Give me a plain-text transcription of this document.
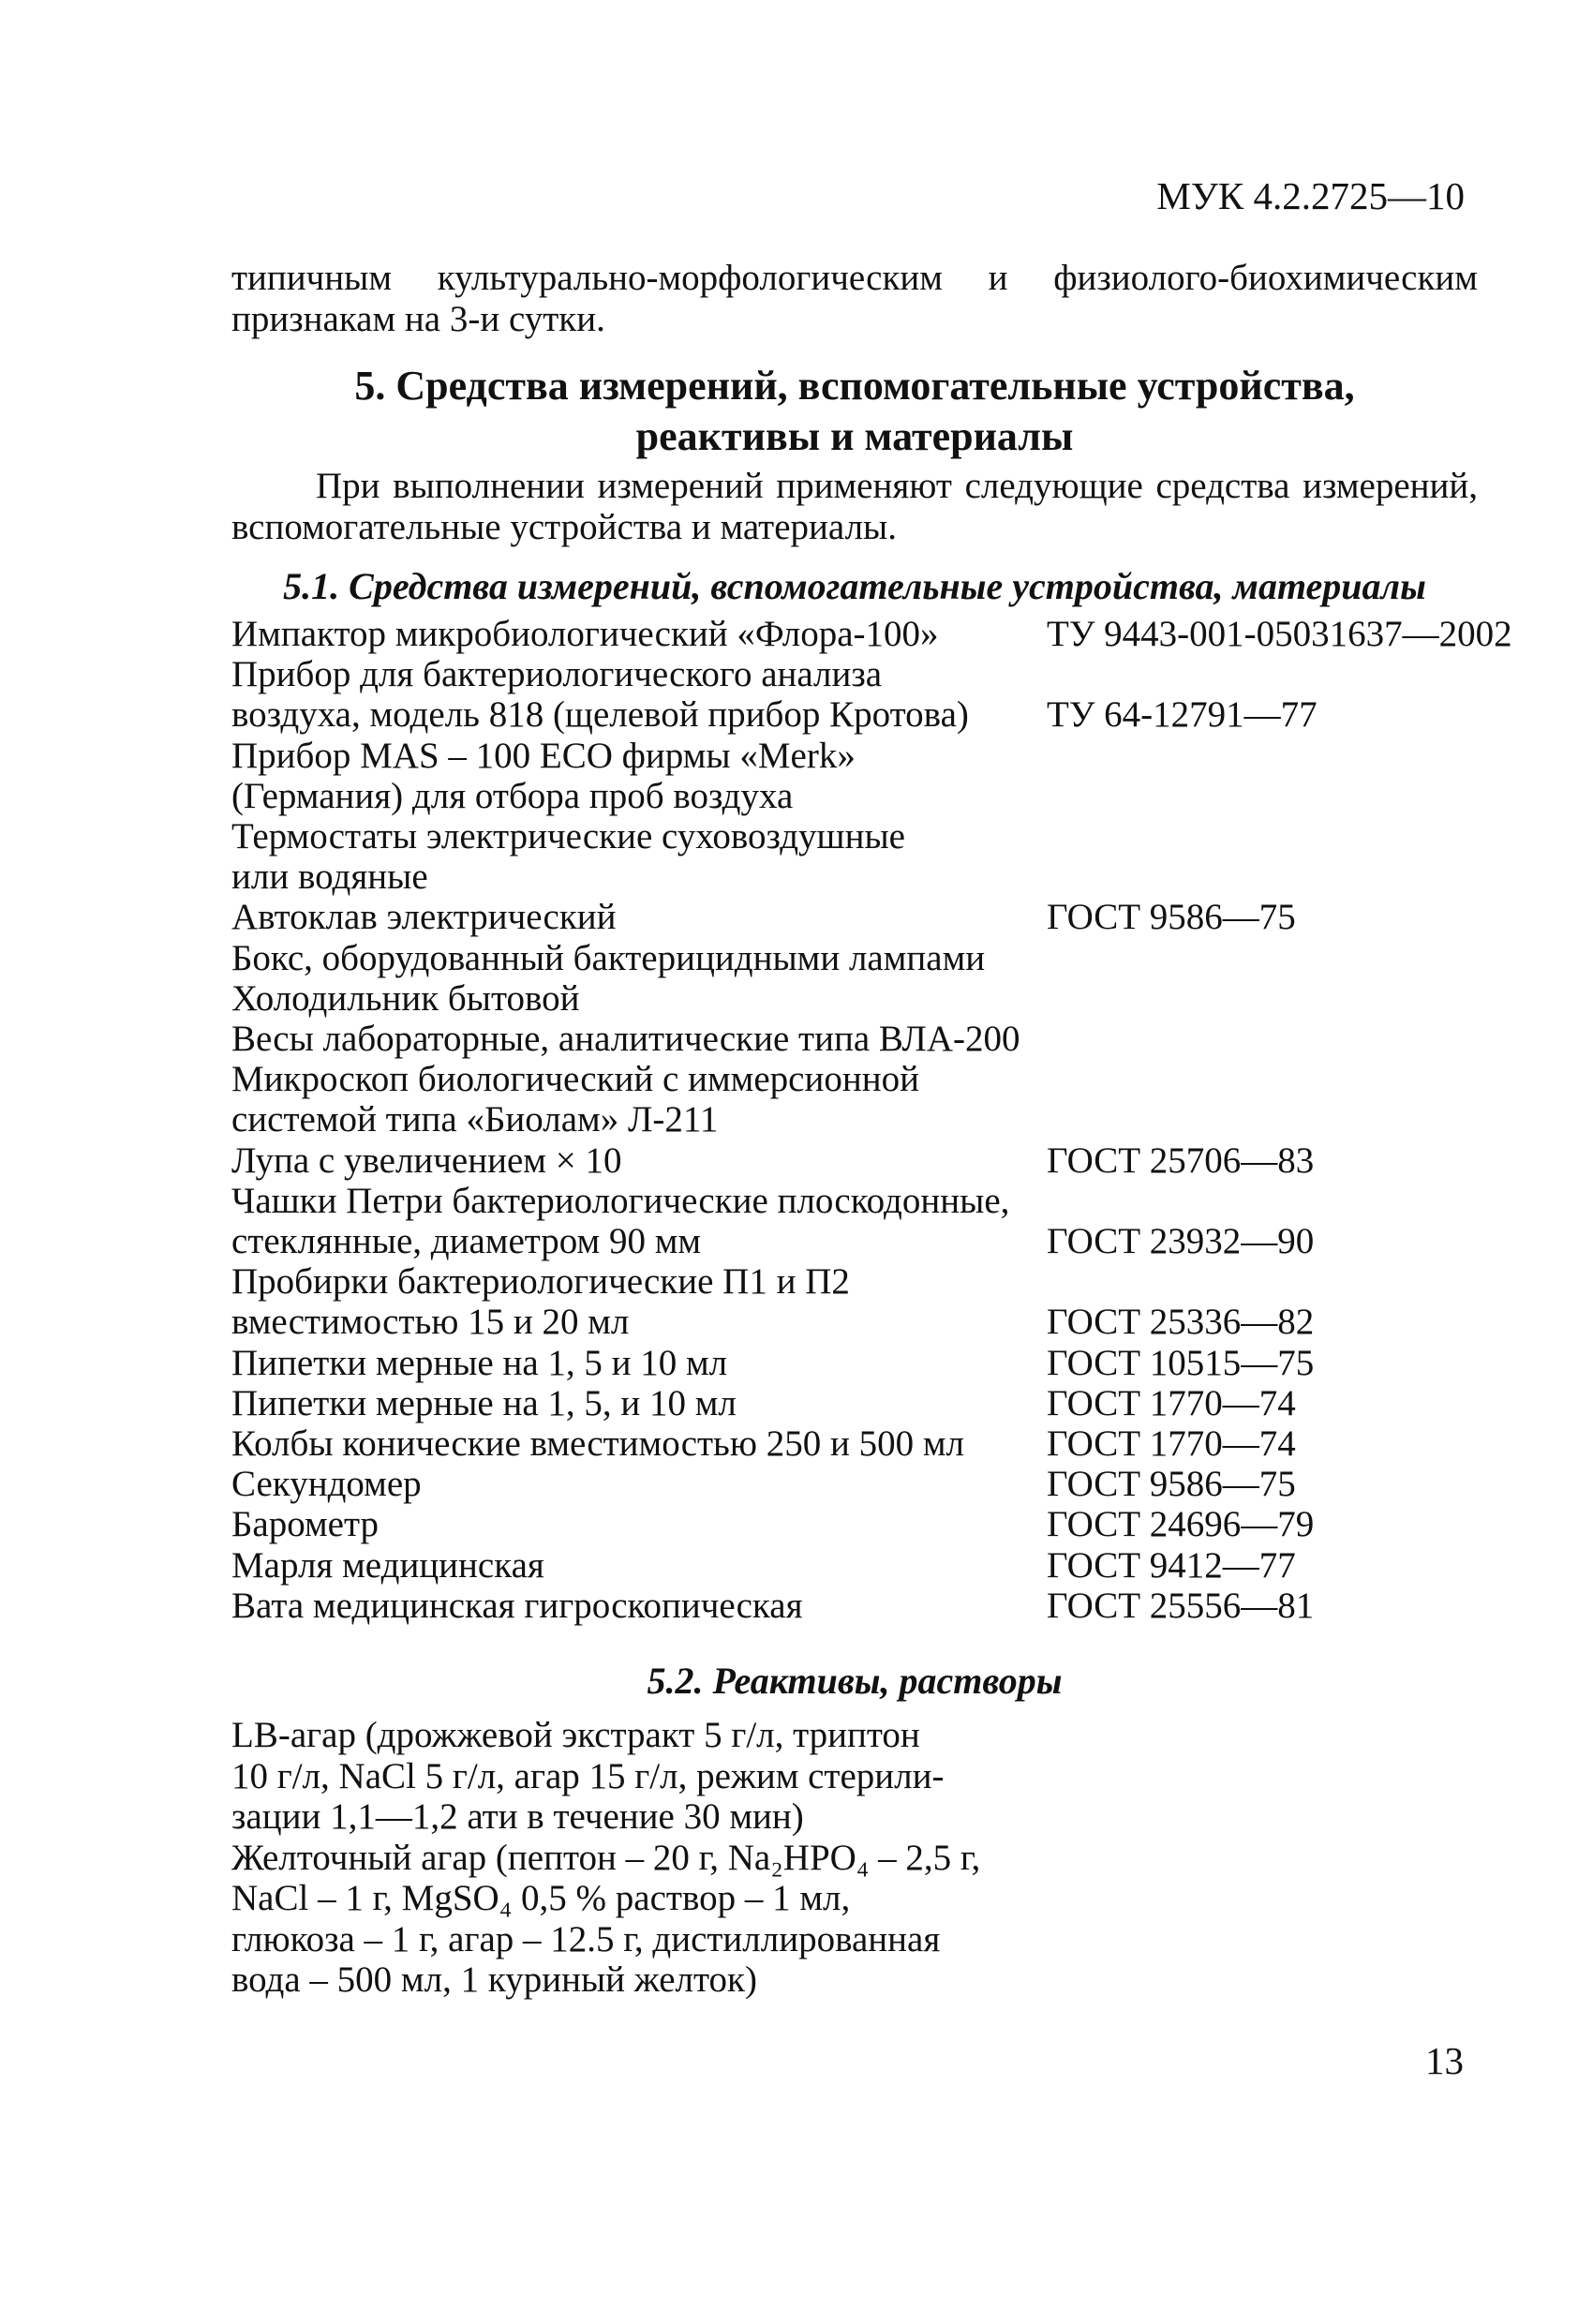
МУК 4.2.2725—10

типичным культурально-морфологическим и физиолого-биохимическим признакам на 3-и сутки.

5. Средства измерений, вспомогательные устройства,
реактивы и материалы

При выполнении измерений применяют следующие средства измерений, вспомогательные устройства и материалы.

5.1. Средства измерений, вспомогательные устройства, материалы
Импактор микробиологический «Флора-100»	ТУ 9443-001-05031637—2002
Прибор для бактериологического анализа
воздуха, модель 818 (щелевой прибор Кротова)	ТУ 64-12791—77
Прибор MAS – 100 ECO фирмы «Merk»
(Германия) для отбора проб воздуха
Термостаты электрические суховоздушные
или водяные
Автоклав электрический	ГОСТ 9586—75
Бокс, оборудованный бактерицидными лампами
Холодильник бытовой
Весы лабораторные, аналитические типа ВЛА-200
Микроскоп биологический с иммерсионной
системой типа «Биолам» Л-211
Лупа с увеличением × 10	ГОСТ 25706—83
Чашки Петри бактериологические плоскодонные,
стеклянные, диаметром 90 мм	ГОСТ 23932—90
Пробирки бактериологические П1 и П2
вместимостью 15 и 20 мл	ГОСТ 25336—82
Пипетки мерные на 1, 5 и 10 мл	ГОСТ 10515—75
Пипетки мерные на 1, 5, и 10 мл	ГОСТ 1770—74
Колбы конические вместимостью 250 и 500 мл	ГОСТ 1770—74
Секундомер	ГОСТ 9586—75
Барометр	ГОСТ 24696—79
Марля медицинская	ГОСТ 9412—77
Вата медицинская гигроскопическая	ГОСТ 25556—81
5.2. Реактивы, растворы
LB-агар (дрожжевой экстракт 5 г/л, триптон
10 г/л, NaCl 5 г/л, агар 15 г/л, режим стерили-
зации 1,1—1,2 ати в течение 30 мин)
Желточный агар (пептон – 20 г, Na₂HPO₄ – 2,5 г,
NaCl – 1 г, MgSO₄ 0,5 % раствор – 1 мл,
глюкоза – 1 г, агар – 12.5 г, дистиллированная
вода – 500 мл, 1 куриный желток)

13
